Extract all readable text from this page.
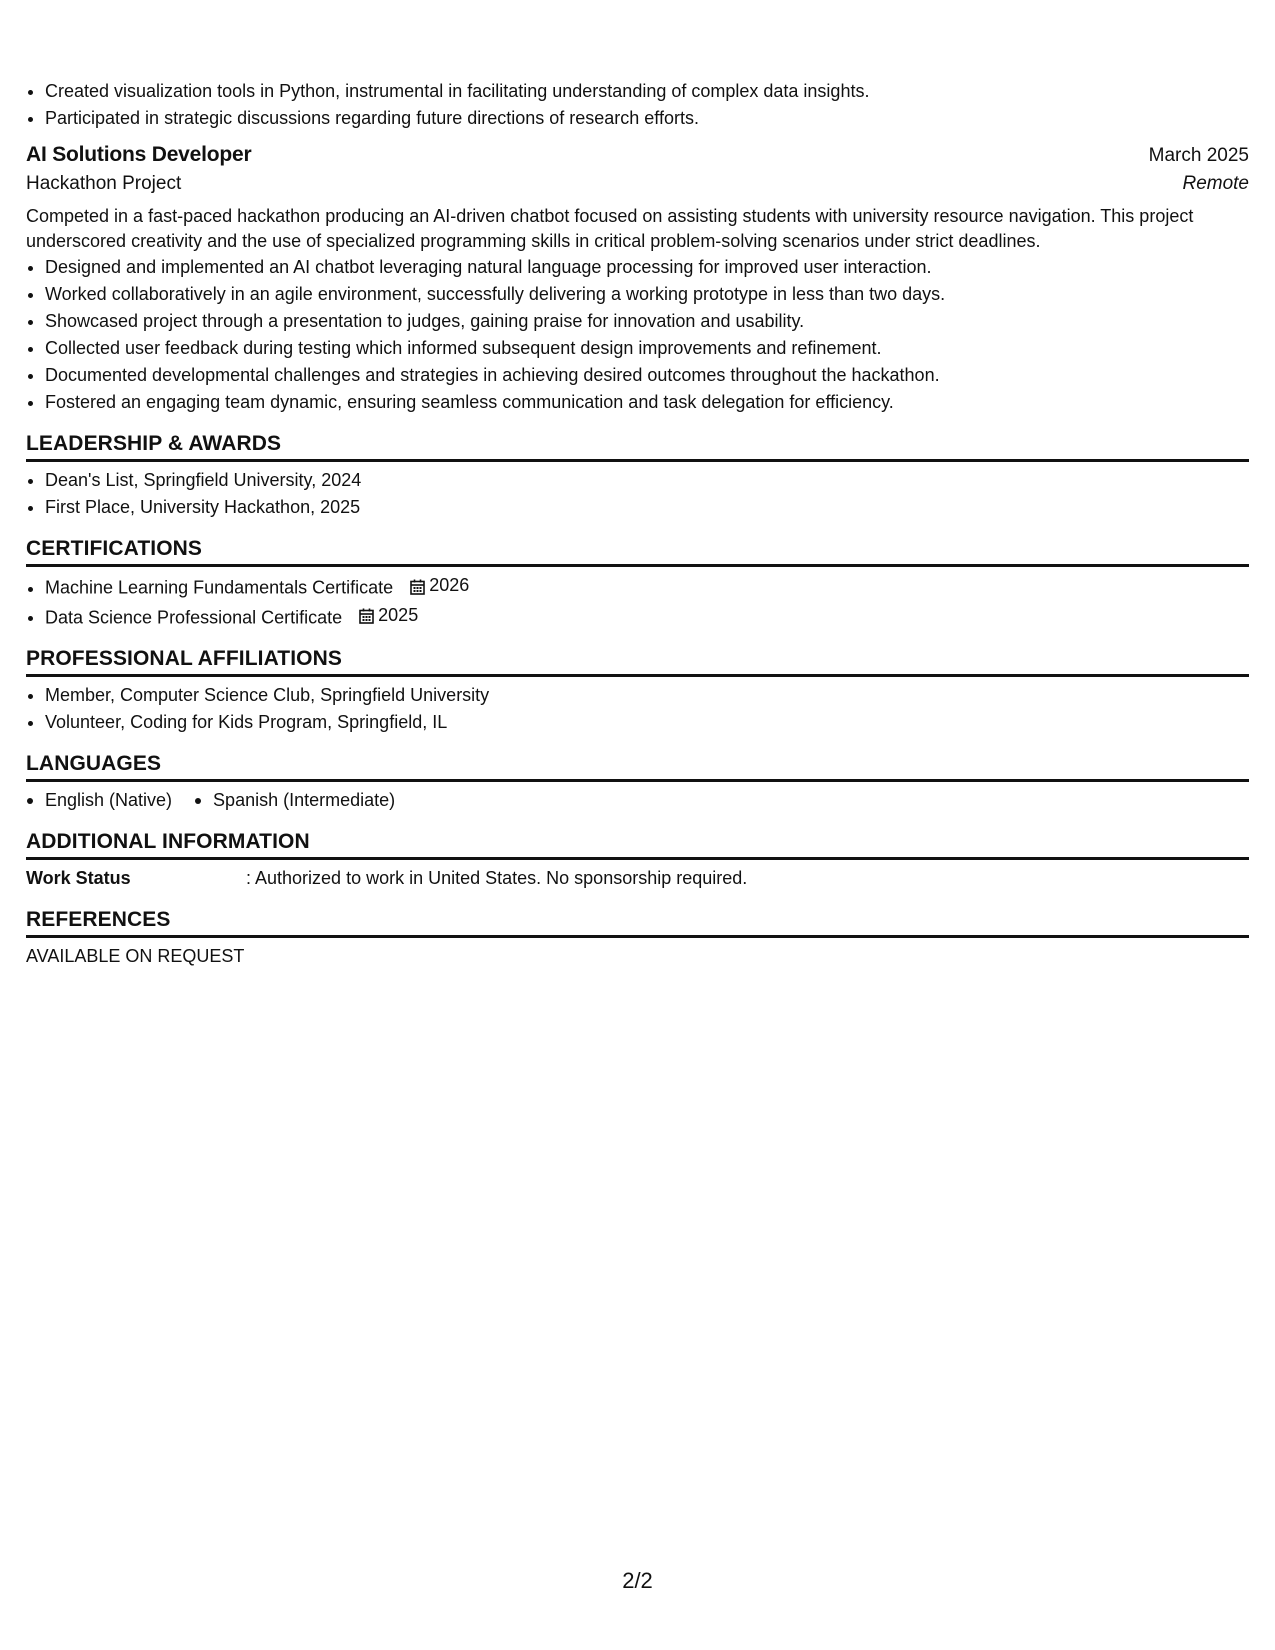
• Created visualization tools in Python, instrumental in facilitating understanding of complex data insights.
• Participated in strategic discussions regarding future directions of research efforts.
AI Solutions Developer	March 2025
Hackathon Project	Remote
Competed in a fast-paced hackathon producing an AI-driven chatbot focused on assisting students with university resource navigation. This project underscored creativity and the use of specialized programming skills in critical problem-solving scenarios under strict deadlines.
• Designed and implemented an AI chatbot leveraging natural language processing for improved user interaction.
• Worked collaboratively in an agile environment, successfully delivering a working prototype in less than two days.
• Showcased project through a presentation to judges, gaining praise for innovation and usability.
• Collected user feedback during testing which informed subsequent design improvements and refinement.
• Documented developmental challenges and strategies in achieving desired outcomes throughout the hackathon.
• Fostered an engaging team dynamic, ensuring seamless communication and task delegation for efficiency.
LEADERSHIP & AWARDS
• Dean's List, Springfield University, 2024
• First Place, University Hackathon, 2025
CERTIFICATIONS
• Machine Learning Fundamentals Certificate 2026
• Data Science Professional Certificate 2025
PROFESSIONAL AFFILIATIONS
• Member, Computer Science Club, Springfield University
• Volunteer, Coding for Kids Program, Springfield, IL
LANGUAGES
English (Native) Spanish (Intermediate)
ADDITIONAL INFORMATION
Work Status	: Authorized to work in United States. No sponsorship required.
REFERENCES
AVAILABLE ON REQUEST
2/2
